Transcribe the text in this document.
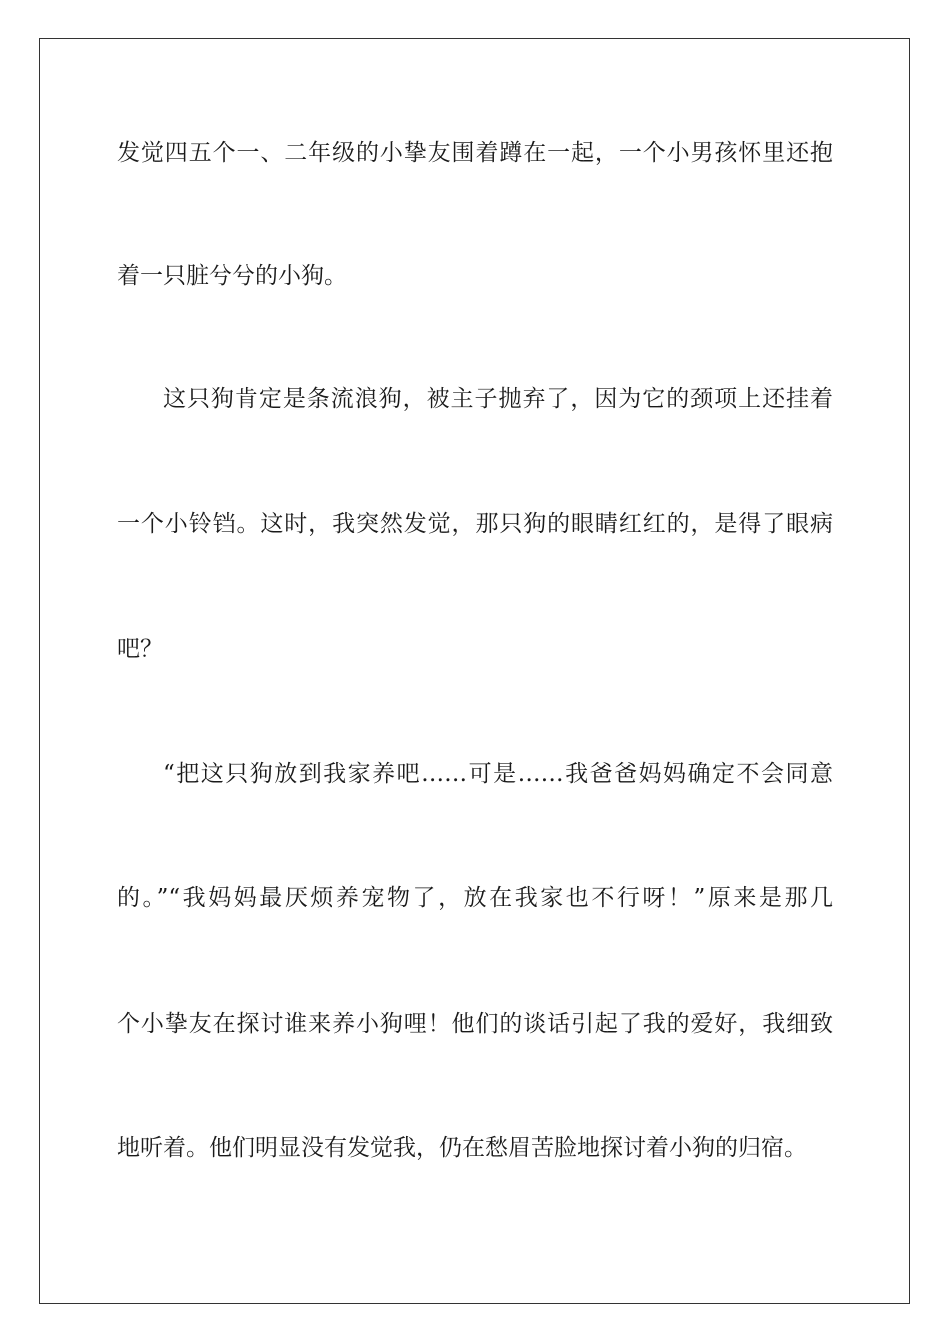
发觉四五个一、二年级的小挚友围着蹲在一起，一个小男孩怀里还抱
着一只脏兮兮的小狗。
这只狗肯定是条流浪狗，被主子抛弃了，因为它的颈项上还挂着
一个小铃铛。这时，我突然发觉，那只狗的眼睛红红的，是得了眼病
吧？
“把这只狗放到我家养吧……可是……我爸爸妈妈确定不会同意
的。”“我妈妈最厌烦养宠物了，放在我家也不行呀！”原来是那几
个小挚友在探讨谁来养小狗哩！他们的谈话引起了我的爱好，我细致
地听着。他们明显没有发觉我，仍在愁眉苦脸地探讨着小狗的归宿。
